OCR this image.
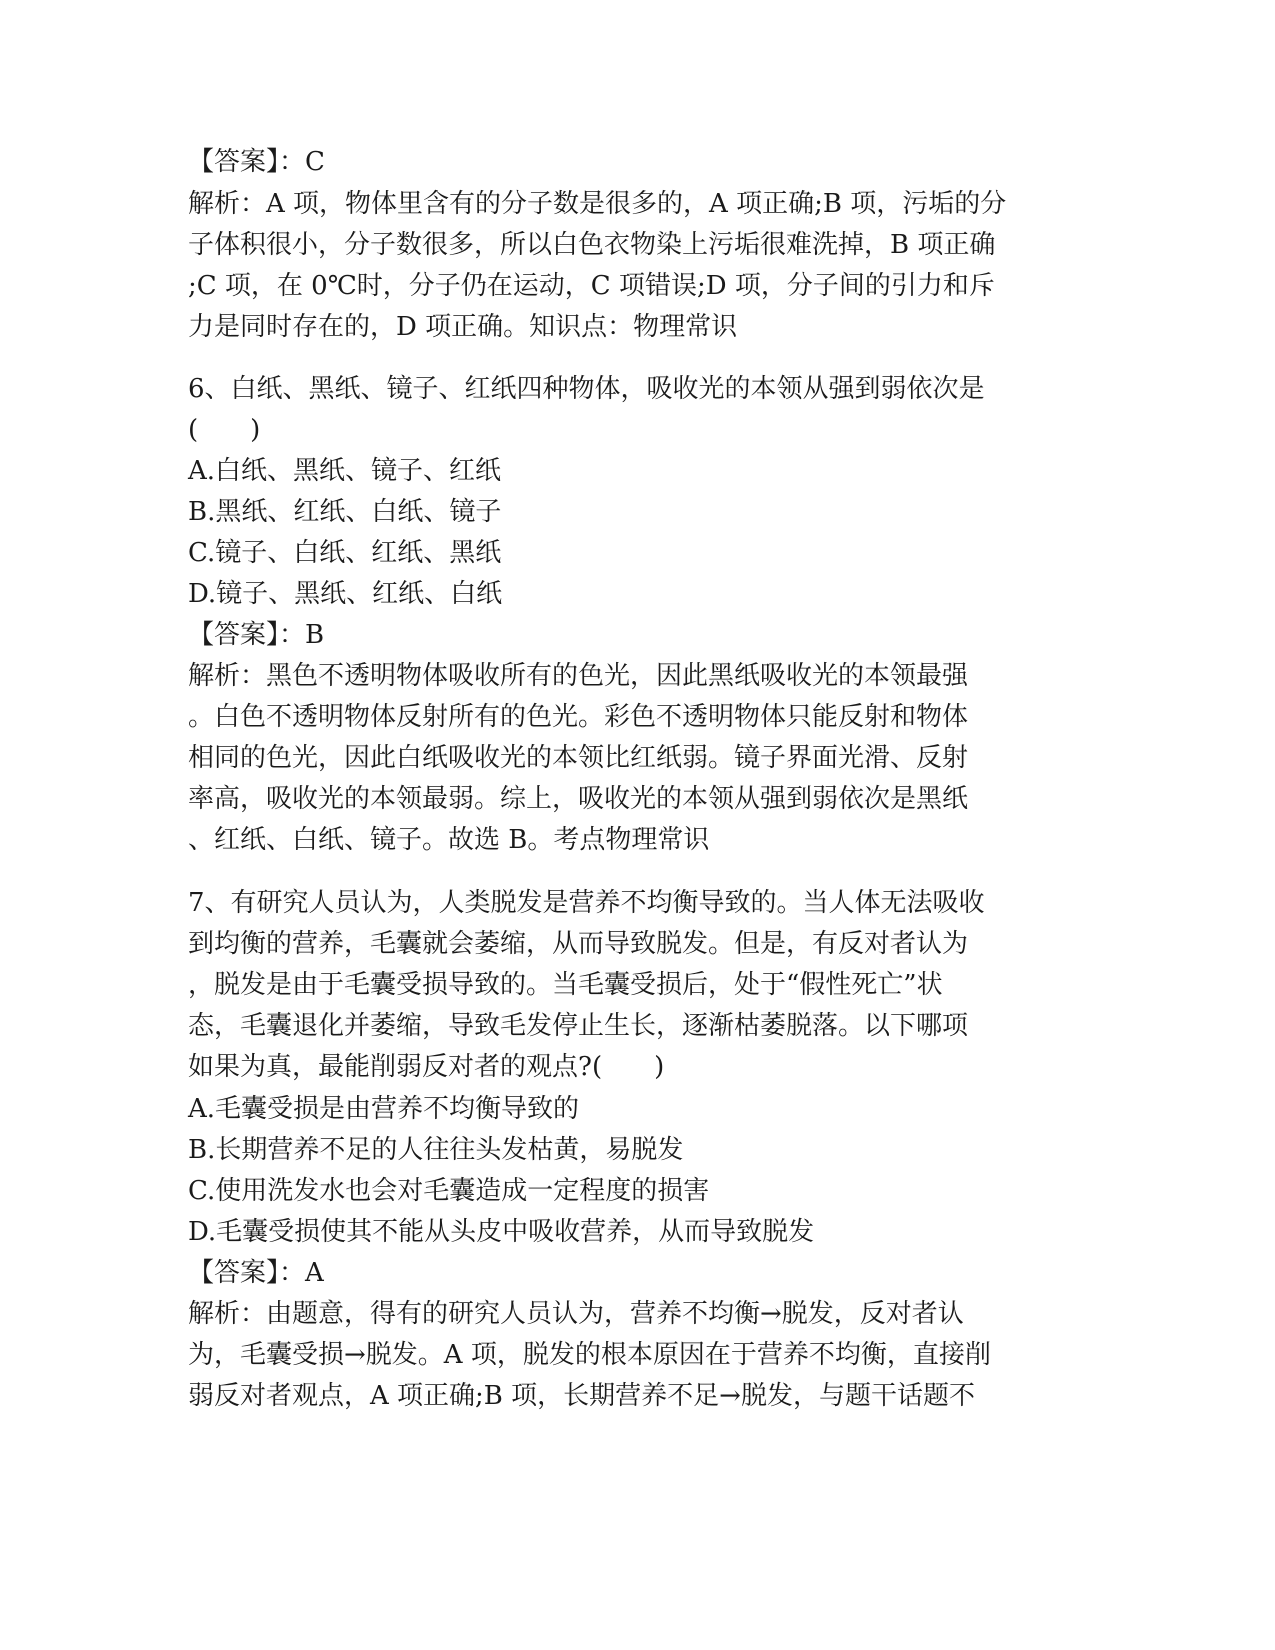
【答案】：C
解析：A 项，物体里含有的分子数是很多的，A 项正确;B 项，污垢的分
子体积很小，分子数很多，所以白色衣物染上污垢很难洗掉，B 项正确
;C 项，在 0℃时，分子仍在运动，C 项错误;D 项，分子间的引力和斥
力是同时存在的，D 项正确。知识点：物理常识
6、白纸、黑纸、镜子、红纸四种物体，吸收光的本领从强到弱依次是
(　　)
A.白纸、黑纸、镜子、红纸
B.黑纸、红纸、白纸、镜子
C.镜子、白纸、红纸、黑纸
D.镜子、黑纸、红纸、白纸
【答案】：B
解析：黑色不透明物体吸收所有的色光，因此黑纸吸收光的本领最强
。白色不透明物体反射所有的色光。彩色不透明物体只能反射和物体
相同的色光，因此白纸吸收光的本领比红纸弱。镜子界面光滑、反射
率高，吸收光的本领最弱。综上，吸收光的本领从强到弱依次是黑纸
、红纸、白纸、镜子。故选 B。考点物理常识
7、有研究人员认为，人类脱发是营养不均衡导致的。当人体无法吸收
到均衡的营养，毛囊就会萎缩，从而导致脱发。但是，有反对者认为
，脱发是由于毛囊受损导致的。当毛囊受损后，处于“假性死亡”状
态，毛囊退化并萎缩，导致毛发停止生长，逐渐枯萎脱落。以下哪项
如果为真，最能削弱反对者的观点?(　　)
A.毛囊受损是由营养不均衡导致的
B.长期营养不足的人往往头发枯黄，易脱发
C.使用洗发水也会对毛囊造成一定程度的损害
D.毛囊受损使其不能从头皮中吸收营养，从而导致脱发
【答案】：A
解析：由题意，得有的研究人员认为，营养不均衡→脱发，反对者认
为，毛囊受损→脱发。A 项，脱发的根本原因在于营养不均衡，直接削
弱反对者观点，A 项正确;B 项，长期营养不足→脱发，与题干话题不
